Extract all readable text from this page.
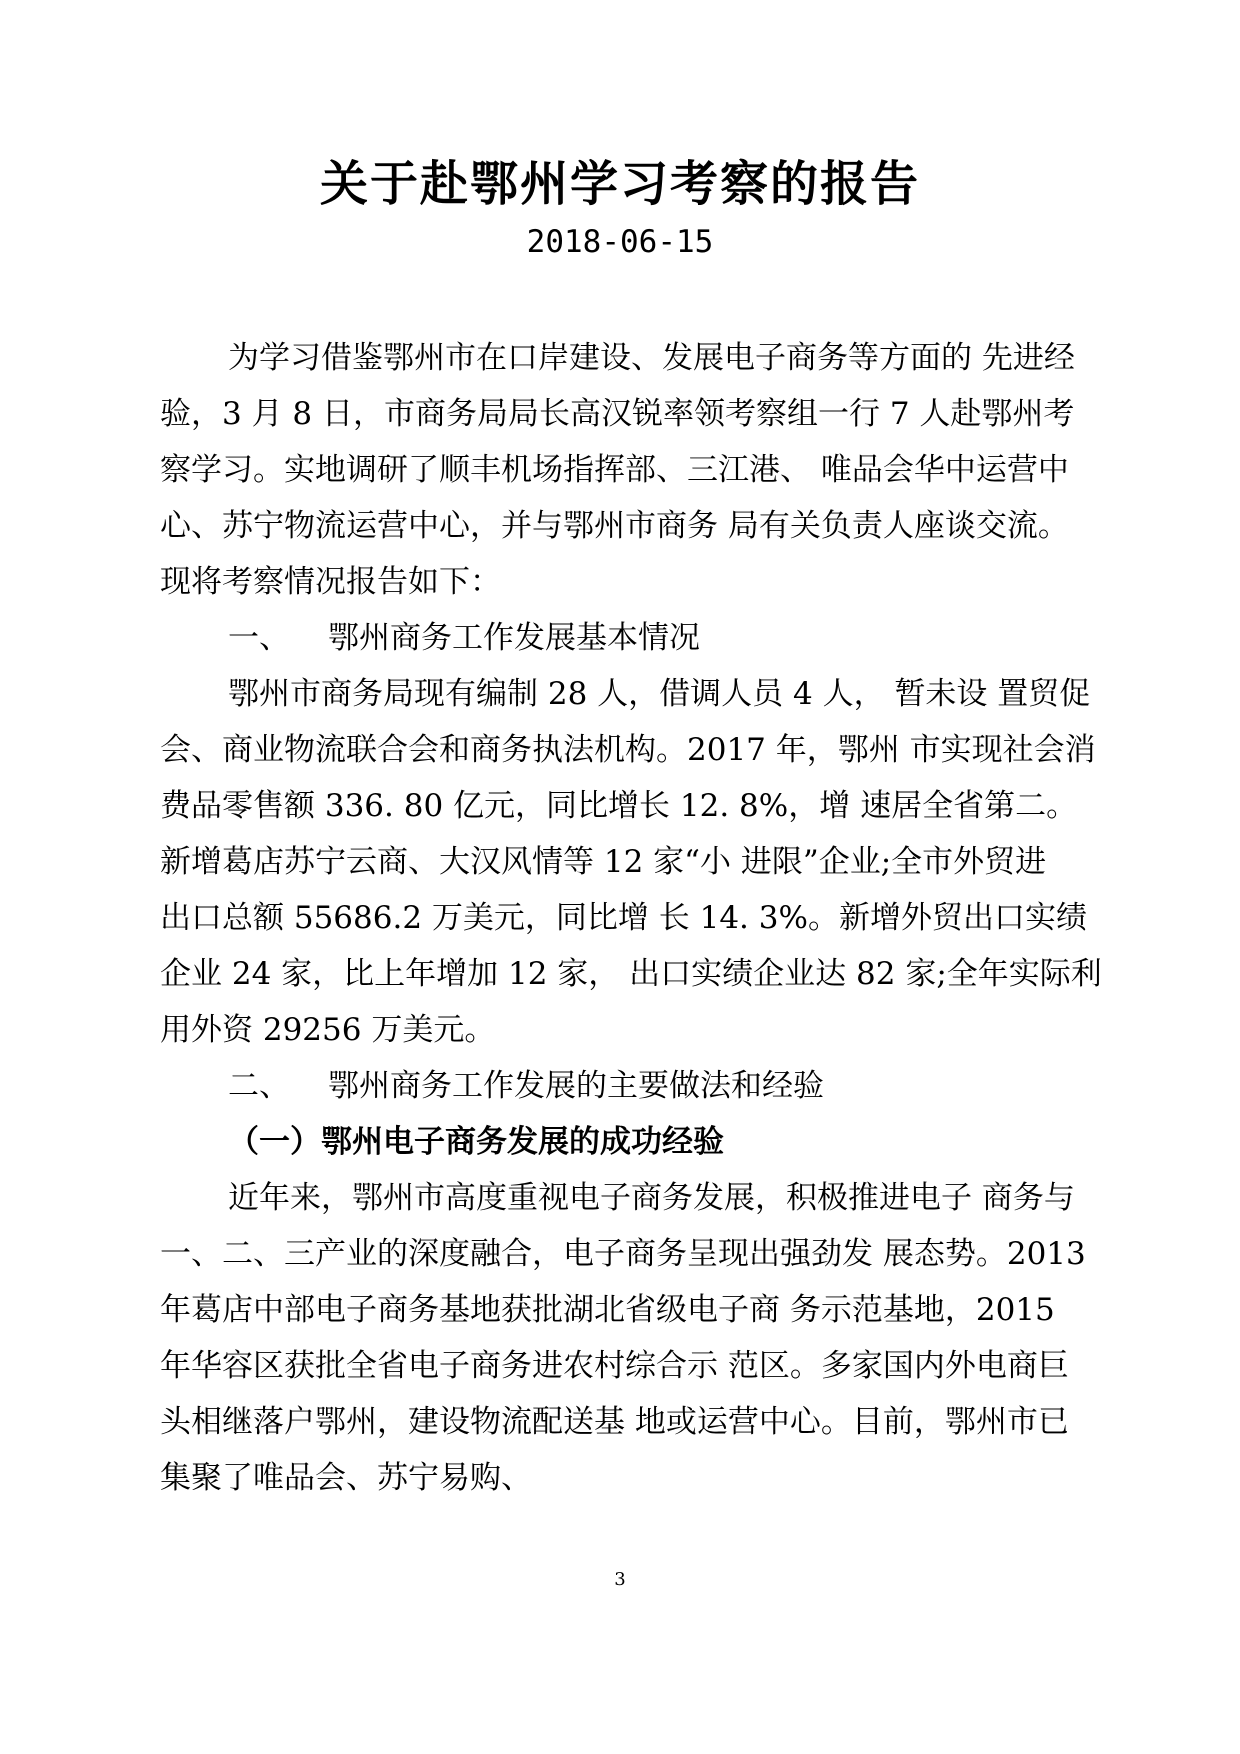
关于赴鄂州学习考察的报告
2018-06-15
为学习借鉴鄂州市在口岸建设、发展电子商务等方面的 先进经
验，3 月 8 日，市商务局局长高汉锐率领考察组一行 7 人赴鄂州考
察学习。实地调研了顺丰机场指挥部、三江港、 唯品会华中运营中
心、苏宁物流运营中心，并与鄂州市商务 局有关负责人座谈交流。
现将考察情况报告如下：
一、 鄂州商务工作发展基本情况
鄂州市商务局现有编制 28 人，借调人员 4 人， 暂未设 置贸促
会、商业物流联合会和商务执法机构。2017 年，鄂州 市实现社会消
费品零售额 336. 80 亿元，同比增长 12. 8%，增 速居全省第二。
新增葛店苏宁云商、大汉风情等 12 家“小 进限”企业;全市外贸进
出口总额 55686.2 万美元，同比增 长 14. 3%。新增外贸出口实绩
企业 24 家，比上年增加 12 家， 出口实绩企业达 82 家;全年实际利
用外资 29256 万美元。
二、 鄂州商务工作发展的主要做法和经验
（一）鄂州电子商务发展的成功经验
近年来，鄂州市高度重视电子商务发展，积极推进电子 商务与
一、二、三产业的深度融合，电子商务呈现出强劲发 展态势。2013
年葛店中部电子商务基地获批湖北省级电子商 务示范基地，2015
年华容区获批全省电子商务进农村综合示 范区。多家国内外电商巨
头相继落户鄂州，建设物流配送基 地或运营中心。目前，鄂州市已
集聚了唯品会、苏宁易购、
3
